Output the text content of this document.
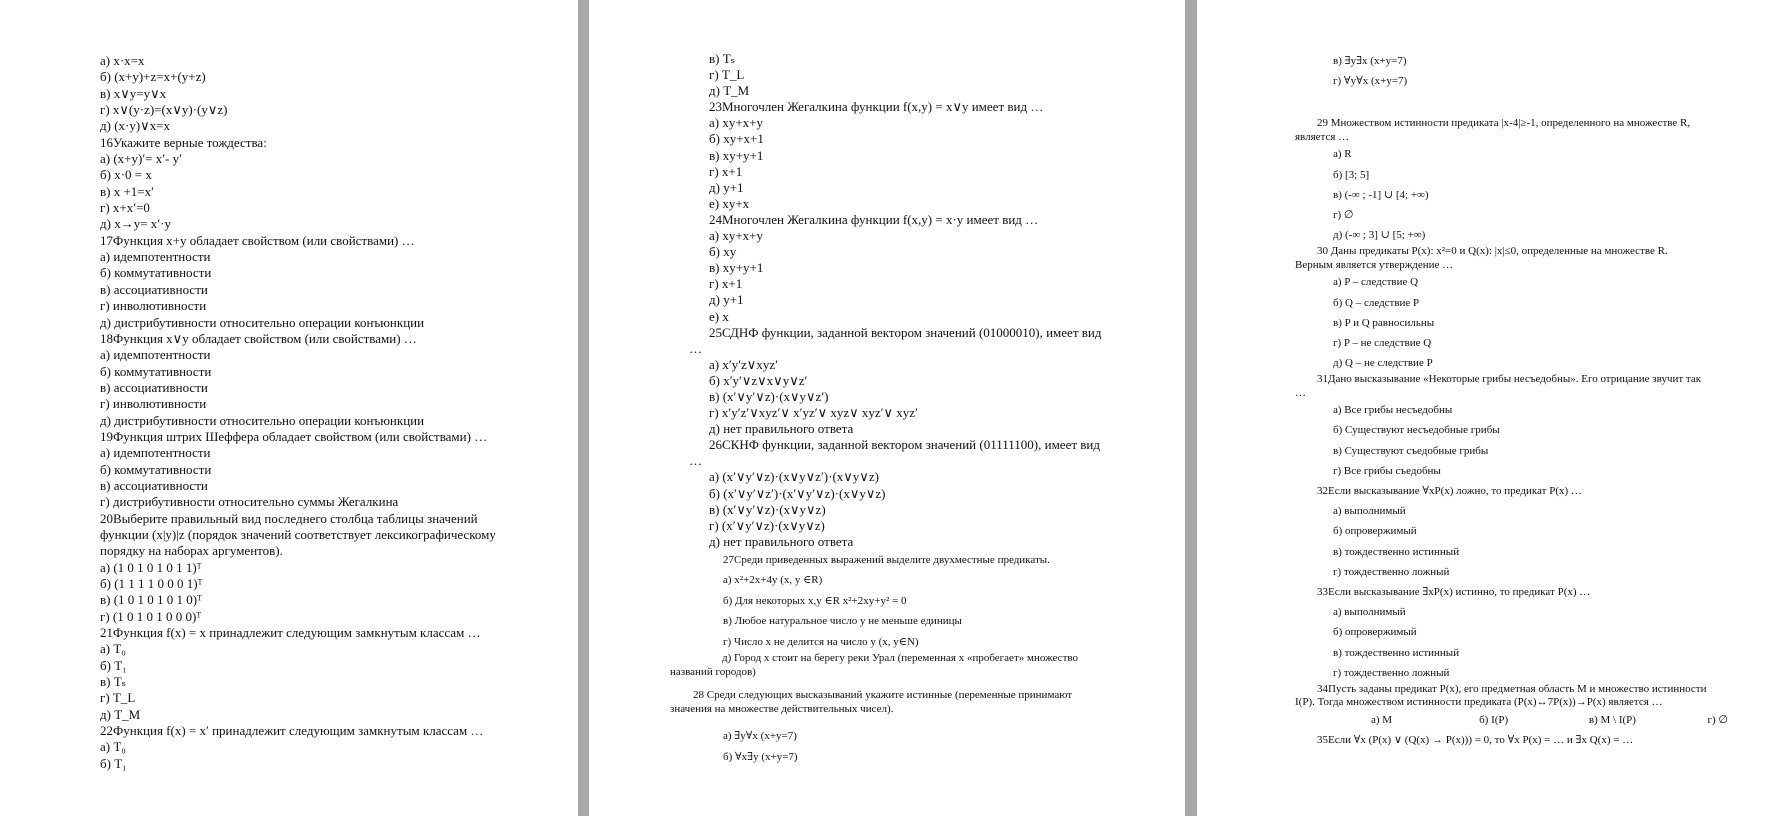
а) x·x=x
б) (x+y)+z=x+(y+z)
в) x∨y=y∨x
г) x∨(y·z)=(x∨y)·(y∨z)
д) (x·y)∨x=x
16Укажите верные тождества:
а) (x+y)′= x′- y′
б) x·0 = x
в) x +1=x′
г) x+x′=0
д) x→y= x′·y
17Функция x+y обладает свойством (или свойствами) …
а) идемпотентности
б) коммутативности
в) ассоциативности
г) инволютивности
д) дистрибутивности относительно операции конъюнкции
18Функция x∨y обладает свойством (или свойствами) …
а) идемпотентности
б) коммутативности
в) ассоциативности
г) инволютивности
д) дистрибутивности относительно операции конъюнкции
19Функция штрих Шеффера обладает свойством (или свойствами) …
а) идемпотентности
б) коммутативности
в) ассоциативности
г) дистрибутивности относительно суммы Жегалкина
20Выберите правильный вид последнего столбца таблицы значений
функции (x|y)|z (порядок значений соответствует лексикографическому
порядку на наборах аргументов).
а) (1 0 1 0 1 0 1 1)ᵀ
б) (1 1 1 1 0 0 0 1)ᵀ
в) (1 0 1 0 1 0 1 0)ᵀ
г) (1 0 1 0 1 0 0 0)ᵀ
21Функция f(x) = x принадлежит следующим замкнутым классам …
а) T₀
б) T₁
в) Tₛ
г) T_L
д) T_M
22Функция f(x) = x′ принадлежит следующим замкнутым классам …
а) T₀
б) T₁
в) Tₛ
г) T_L
д) T_M
23Многочлен Жегалкина функции f(x,y) = x∨y имеет вид …
а) xy+x+y
б) xy+x+1
в) xy+y+1
г) x+1
д) y+1
е) xy+x
24Многочлен Жегалкина функции f(x,y) = x·y имеет вид …
а) xy+x+y
б) xy
в) xy+y+1
г) x+1
д) y+1
е) x
25СДНФ функции, заданной вектором значений (01000010), имеет вид
…
а) x′y′z∨xyz′
б) x′y′∨z∨x∨y∨z′
в) (x′∨y′∨z)·(x∨y∨z′)
г) x′y′z′∨xyz′∨ x′yz′∨ xyz∨ xyz′∨ xyz′
д) нет правильного ответа
26СКНФ функции, заданной вектором значений (01111100), имеет вид
…
а) (x′∨y′∨z)·(x∨y∨z′)·(x∨y∨z)
б) (x′∨y′∨z′)·(x′∨y′∨z)·(x∨y∨z)
в) (x′∨y′∨z)·(x∨y∨z)
г) (x′∨y′∨z)·(x∨y∨z)
д) нет правильного ответа
27Среди приведенных выражений выделите двухместные предикаты.
а) x²+2x+4y (x, y ∈R)
б) Для некоторых x,y ∈R x²+2xy+y² = 0
в) Любое натуральное число у не меньше единицы
г) Число x не делится на число y (x, y∈N)
д) Город x стоит на берегу реки Урал (переменная x «пробегает» множество
названий городов)
28 Среди следующих высказываний укажите истинные (переменные принимают
значения на множестве действительных чисел).
а) ∃y∀x (x+y=7)
б) ∀x∃y (x+y=7)
в) ∃y∃x (x+y=7)
г) ∀y∀x (x+y=7)
29 Множеством истинности предиката |x-4|≥-1, определенного на множестве R,
является …
а) R
б) [3; 5]
в) (-∞ ; -1] ∪ [4; +∞)
г) ∅
д) (-∞ ; 3] ∪ [5; +∞)
30 Даны предикаты P(x): x²=0 и Q(x): |x|≤0, определенные на множестве R.
Верным является утверждение …
а) P – следствие Q
б) Q – следствие P
в) P и Q равносильны
г) P – не следствие Q
д) Q – не следствие P
31Дано высказывание «Некоторые грибы несъедобны». Его отрицание звучит так
…
а) Все грибы несъедобны
б) Существуют несъедобные грибы
в) Существуют съедобные грибы
г) Все грибы съедобны
32Если высказывание ∀xP(x) ложно, то предикат P(x) …
а) выполнимый
б) опровержимый
в) тождественно истинный
г) тождественно ложный
33Если высказывание ∃xP(x) истинно, то предикат P(x) …
а) выполнимый
б) опровержимый
в) тождественно истинный
г) тождественно ложный
34Пусть заданы предикат P(x), его предметная область M и множество истинности
I(P). Тогда множеством истинности предиката (P(x)↔7P(x))→P(x) является …
а) M	б) I(P)	в) M \ I(P)	г) ∅
35Если ∀x (P(x) ∨ (Q(x) → P(x))) = 0, то ∀x P(x) = … и ∃x Q(x) = …
